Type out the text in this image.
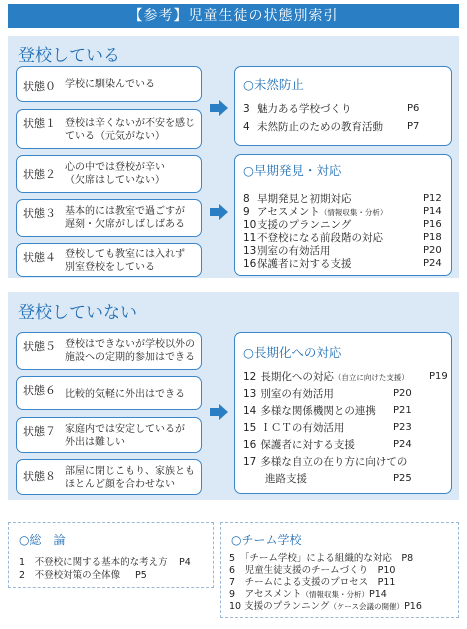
【参考】児童生徒の状態別索引
登校している
状態０ 学校に馴染んでいる
状態１ 登校は辛くないが不安を感じ
ている（元気がない）
状態２
心の中では登校が辛い
（欠席はしていない）
状態３ 基本的には教室で過ごすが
遅刻・欠席がしばしばある
状態４ 登校しても教室には入れず
別室登校をしている
○未然防止
3 魅力ある学校づくり	P6
4 未然防止のための教育活動 P7
○早期発見・対応
8 早期発見と初期対応	P12
9 アセスメント（情報収集・分析）	P14
10支援のプランニング	P16
11不登校になる前段階の対応	P18
13別室の有効活用	P20
16保護者に対する支援	P24
登校していない
状態５ 登校はできないが学校以外の
施設への定期的参加はできる
状態６ 比較的気軽に外出はできる
状態７ 家庭内では安定しているが
外出は難しい
状態８ 部屋に閉じこもり、家族とも
ほとんど顔を合わせない
○長期化への対応
12 長期化への対応（自立に向けた支援） P19
13 別室の有効活用	P20
14 多様な関係機関との連携 P21
15 ＩＣＴの有効活用	P23
16 保護者に対する支援	P24
17 多様な自立の在り方に向けての
進路支援	P25
○総　論
1　 不登校に関する基本的な考え方 P4
2　 不登校対策の全体像 P5
○チーム学校
5　 「チーム学校」による組織的な対応　 P8
6　 児童生徒支援のチームづくり　 P10
7　 チームによる支援のプロセス　 P11
9　 アセスメント（情報収集・分析）P14
10 支援のプランニング（ケース会議の開催）P16
